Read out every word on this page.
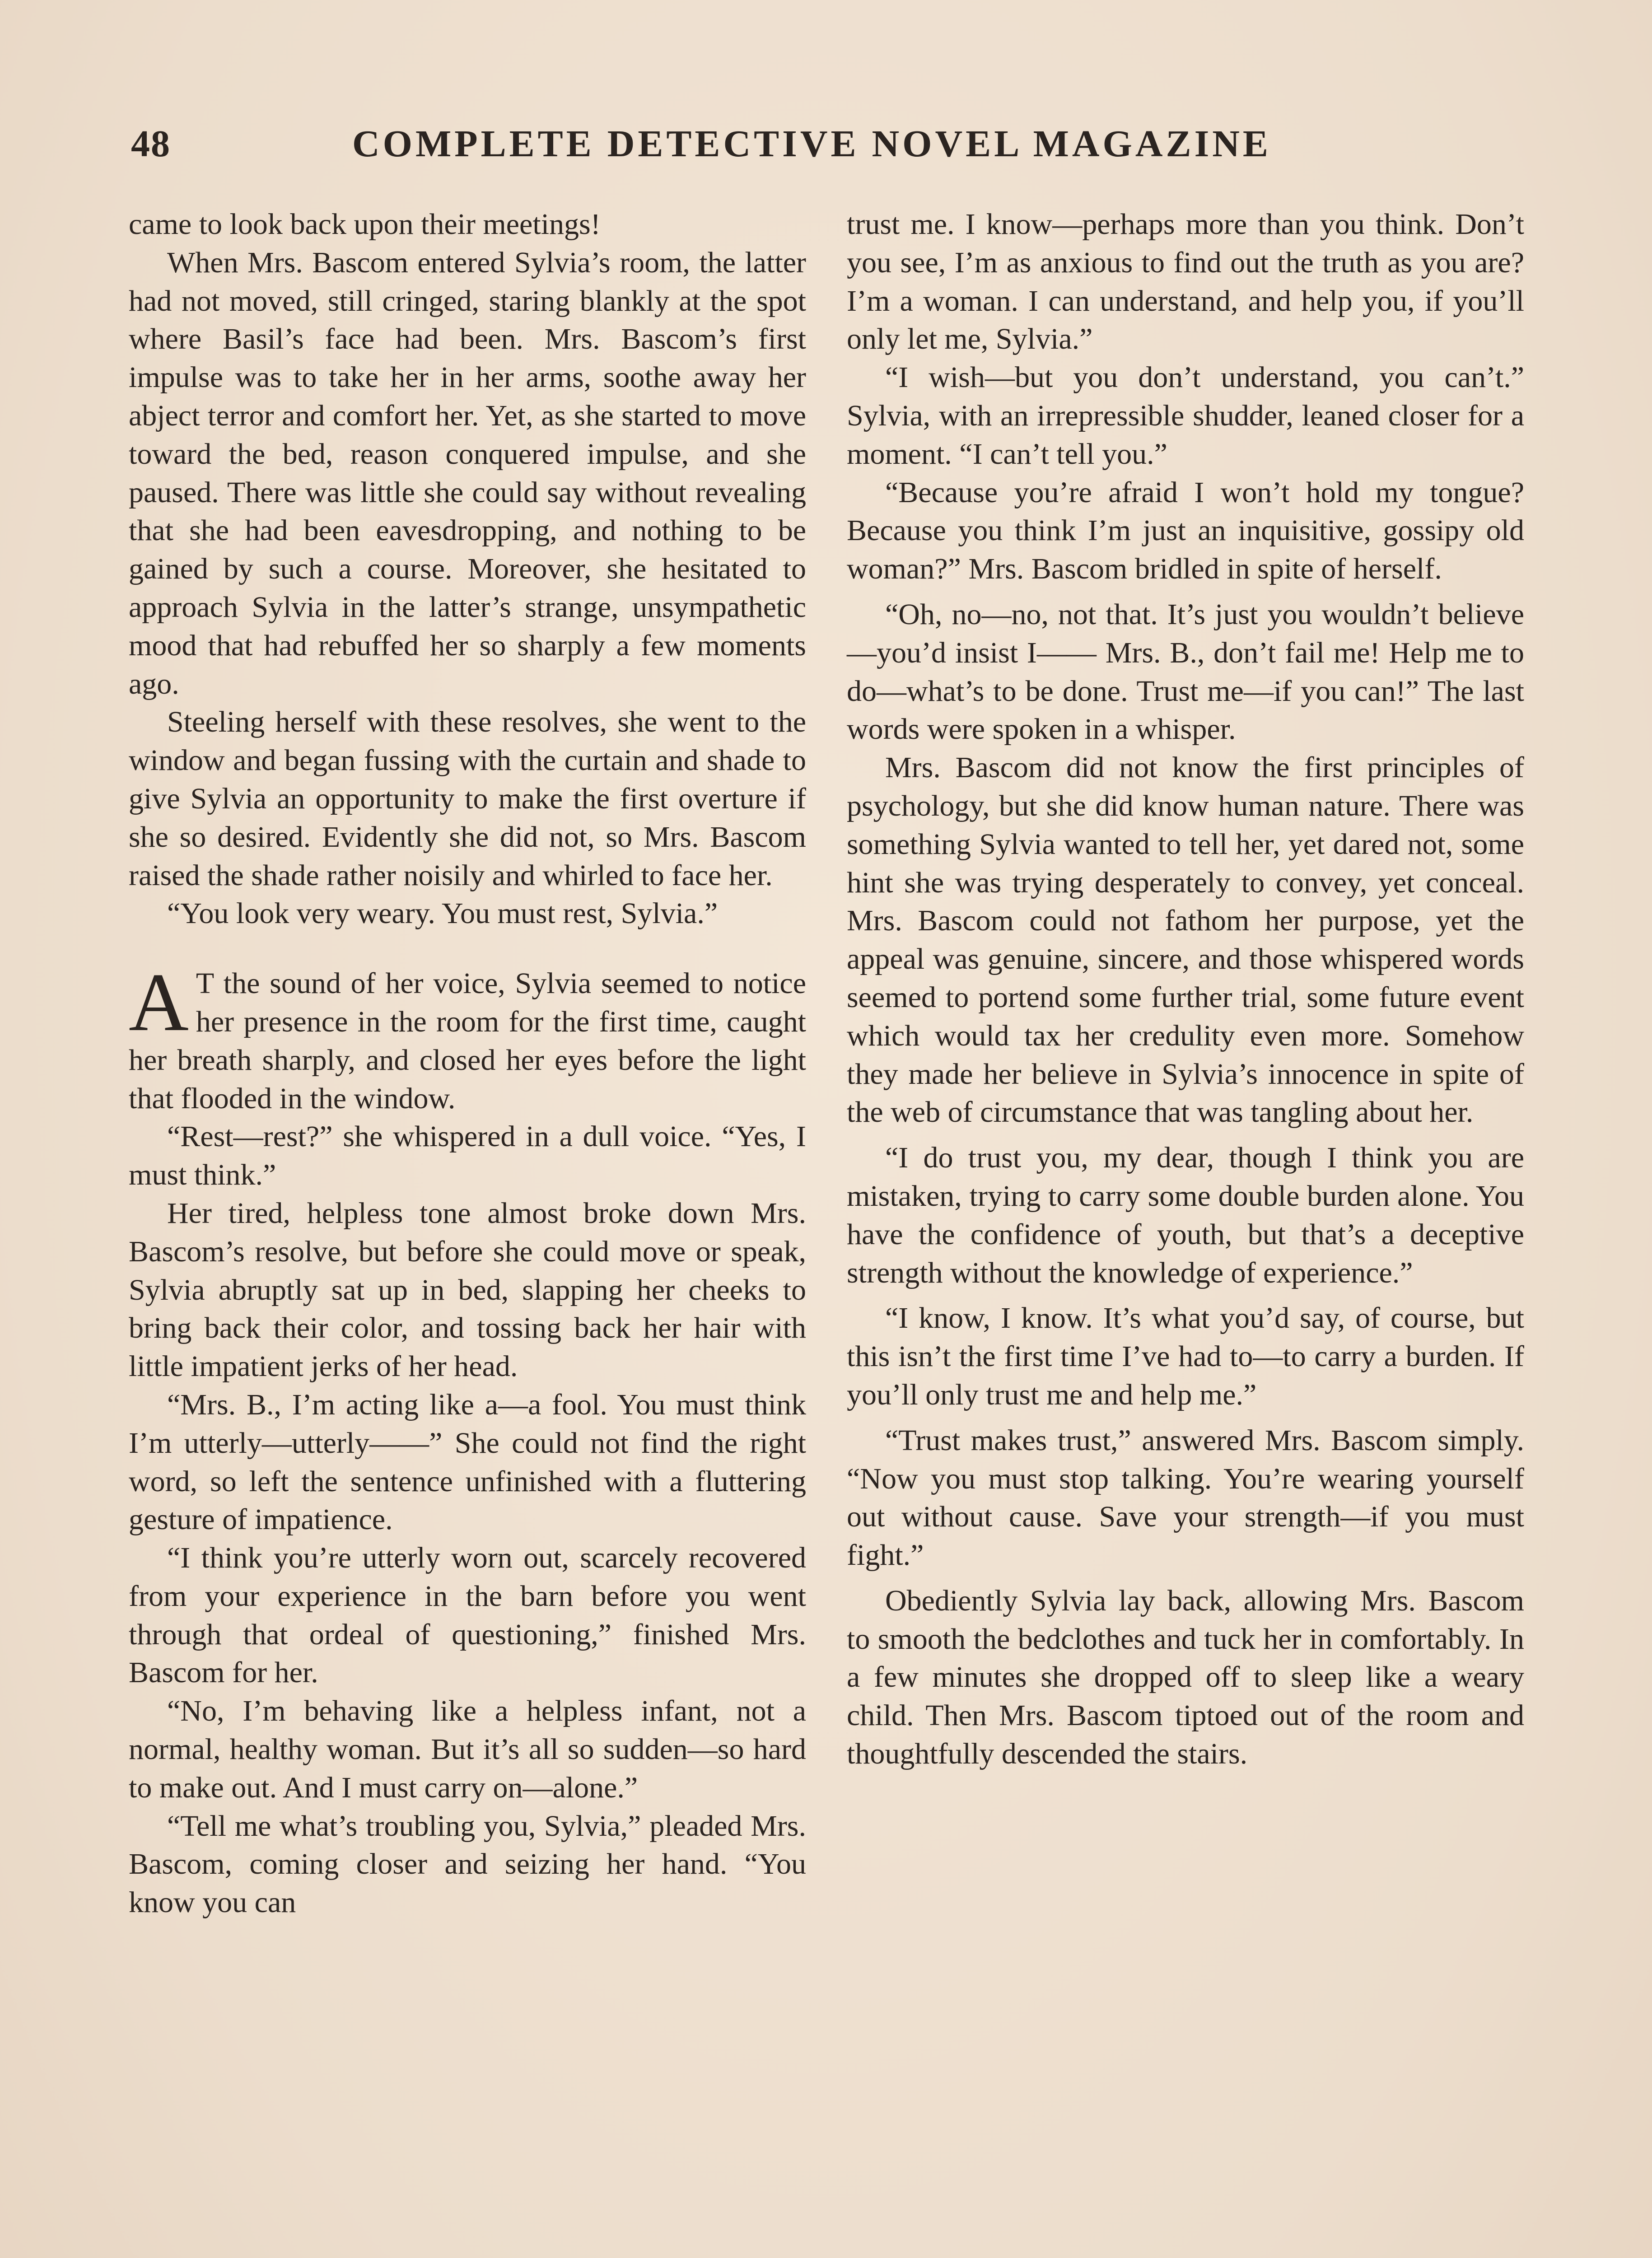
48	COMPLETE DETECTIVE NOVEL MAGAZINE

came to look back upon their meetings!

When Mrs. Bascom entered Sylvia’s room, the latter had not moved, still cringed, staring blankly at the spot where Basil’s face had been. Mrs. Bascom’s first impulse was to take her in her arms, soothe away her abject terror and comfort her. Yet, as she started to move toward the bed, reason conquered impulse, and she paused. There was little she could say without revealing that she had been eavesdropping, and nothing to be gained by such a course. Moreover, she hesitated to approach Sylvia in the latter’s strange, unsympathetic mood that had rebuffed her so sharply a few moments ago.

Steeling herself with these resolves, she went to the window and began fussing with the curtain and shade to give Sylvia an opportunity to make the first overture if she so desired. Evidently she did not, so Mrs. Bascom raised the shade rather noisily and whirled to face her.

“You look very weary. You must rest, Sylvia.”

A T the sound of her voice, Sylvia seemed to notice her presence in the room for the first time, caught her breath sharply, and closed her eyes before the light that flooded in the window.

“Rest—rest?” she whispered in a dull voice. “Yes, I must think.”

Her tired, helpless tone almost broke down Mrs. Bascom’s resolve, but before she could move or speak, Sylvia abruptly sat up in bed, slapping her cheeks to bring back their color, and tossing back her hair with little impatient jerks of her head.

“Mrs. B., I’m acting like a—a fool. You must think I’m utterly—utterly——” She could not find the right word, so left the sentence unfinished with a fluttering gesture of impatience.

“I think you’re utterly worn out, scarcely recovered from your experience in the barn before you went through that ordeal of questioning,” finished Mrs. Bascom for her.

“No, I’m behaving like a helpless infant, not a normal, healthy woman. But it’s all so sudden—so hard to make out. And I must carry on—alone.”

“Tell me what’s troubling you, Sylvia,” pleaded Mrs. Bascom, coming closer and seizing her hand. “You know you can

trust me. I know—perhaps more than you think. Don’t you see, I’m as anxious to find out the truth as you are? I’m a woman. I can understand, and help you, if you’ll only let me, Sylvia.”

“I wish—but you don’t understand, you can’t.” Sylvia, with an irrepressible shudder, leaned closer for a moment. “I can’t tell you.”

“Because you’re afraid I won’t hold my tongue? Because you think I’m just an inquisitive, gossipy old woman?” Mrs. Bascom bridled in spite of herself.

“Oh, no—no, not that. It’s just you wouldn’t believe—you’d insist I—— Mrs. B., don’t fail me! Help me to do—what’s to be done. Trust me—if you can!” The last words were spoken in a whisper.

Mrs. Bascom did not know the first principles of psychology, but she did know human nature. There was something Sylvia wanted to tell her, yet dared not, some hint she was trying desperately to convey, yet conceal. Mrs. Bascom could not fathom her purpose, yet the appeal was genuine, sincere, and those whispered words seemed to portend some further trial, some future event which would tax her credulity even more. Somehow they made her believe in Sylvia’s innocence in spite of the web of circumstance that was tangling about her.

“I do trust you, my dear, though I think you are mistaken, trying to carry some double burden alone. You have the confidence of youth, but that’s a deceptive strength without the knowledge of experience.”

“I know, I know. It’s what you’d say, of course, but this isn’t the first time I’ve had to—to carry a burden. If you’ll only trust me and help me.”

“Trust makes trust,” answered Mrs. Bascom simply. “Now you must stop talking. You’re wearing yourself out without cause. Save your strength—if you must fight.”

Obediently Sylvia lay back, allowing Mrs. Bascom to smooth the bedclothes and tuck her in comfortably. In a few minutes she dropped off to sleep like a weary child. Then Mrs. Bascom tiptoed out of the room and thoughtfully descended the stairs.
